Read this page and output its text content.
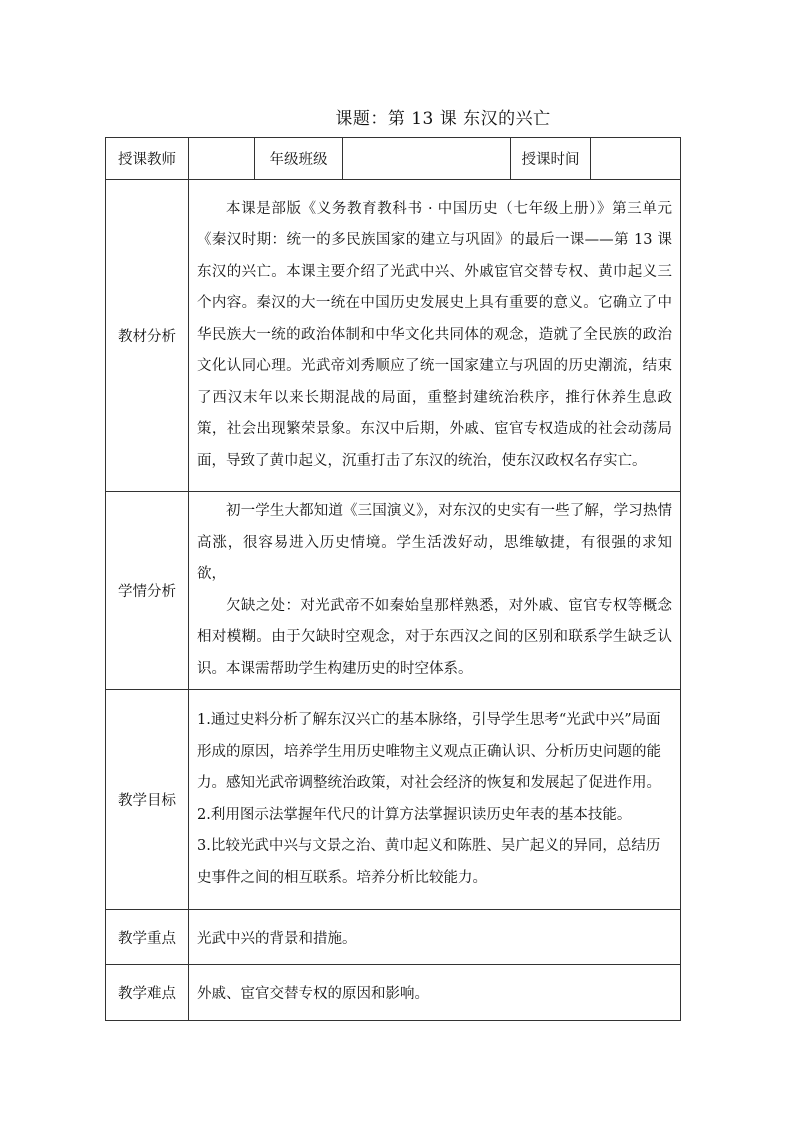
课题：第 13 课 东汉的兴亡
授课教师		年级班级		授课时间	
教材分析	本课是部版《义务教育教科书 · 中国历史（七年级上册）》第三单元《秦汉时期：统一的多民族国家的建立与巩固》的最后一课——第 13 课东汉的兴亡。本课主要介绍了光武中兴、外戚宦官交替专权、黄巾起义三个内容。秦汉的大一统在中国历史发展史上具有重要的意义。它确立了中华民族大一统的政治体制和中华文化共同体的观念，造就了全民族的政治文化认同心理。光武帝刘秀顺应了统一国家建立与巩固的历史潮流，结束了西汉末年以来长期混战的局面，重整封建统治秩序，推行休养生息政策，社会出现繁荣景象。东汉中后期，外戚、宦官专权造成的社会动荡局面，导致了黄巾起义，沉重打击了东汉的统治，使东汉政权名存实亡。				

学情分析	初一学生大都知道《三国演义》，对东汉的史实有一些了解，学习热情高涨，很容易进入历史情境。学生活泼好动，思维敏捷，有很强的求知欲，

欠缺之处：对光武帝不如秦始皇那样熟悉，对外戚、宦官专权等概念相对模糊。由于欠缺时空观念，对于东西汉之间的区别和联系学生缺乏认识。本课需帮助学生构建历史的时空体系。				

教学目标	1.通过史料分析了解东汉兴亡的基本脉络，引导学生思考“光武中兴”局面形成的原因，培养学生用历史唯物主义观点正确认识、分析历史问题的能力。感知光武帝调整统治政策，对社会经济的恢复和发展起了促进作用。

2.利用图示法掌握年代尺的计算方法掌握识读历史年表的基本技能。

3.比较光武中兴与文景之治、黄巾起义和陈胜、吴广起义的异同，总结历史事件之间的相互联系。培养分析比较能力。				

教学重点	光武中兴的背景和措施。				

教学难点	外戚、宦官交替专权的原因和影响。				
